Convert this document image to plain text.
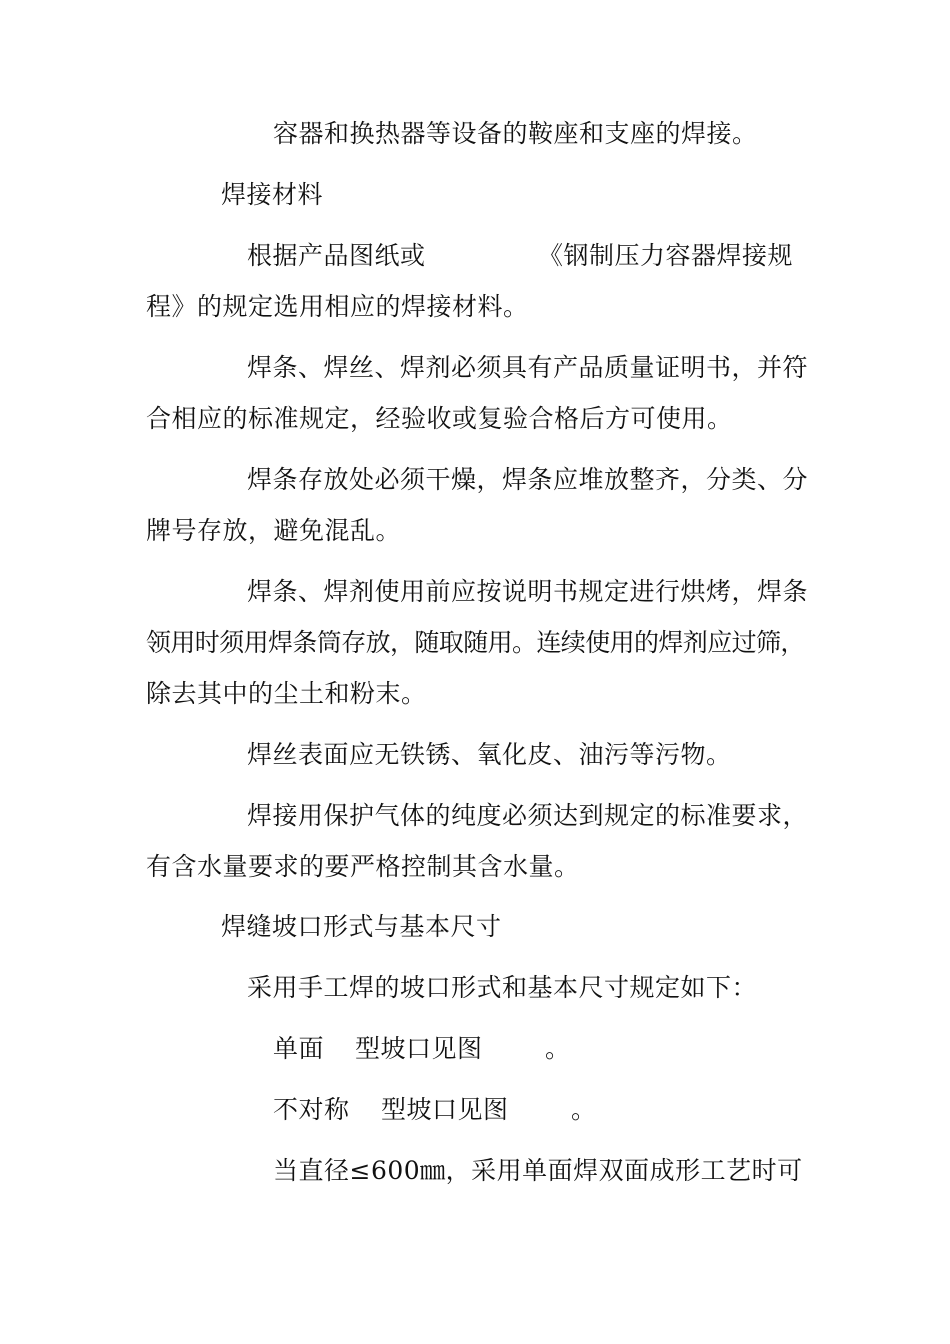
容器和换热器等设备的鞍座和支座的焊接。
焊接材料
根据产品图纸或	《钢制压力容器焊接规
程》的规定选用相应的焊接材料。
焊条、焊丝、焊剂必须具有产品质量证明书，并符
合相应的标准规定，经验收或复验合格后方可使用。
焊条存放处必须干燥，焊条应堆放整齐，分类、分
牌号存放，避免混乱。
焊条、焊剂使用前应按说明书规定进行烘烤，焊条
领用时须用焊条筒存放，随取随用。连续使用的焊剂应过筛，
除去其中的尘土和粉末。
焊丝表面应无铁锈、氧化皮、油污等污物。
焊接用保护气体的纯度必须达到规定的标准要求，
有含水量要求的要严格控制其含水量。
焊缝坡口形式与基本尺寸
采用手工焊的坡口形式和基本尺寸规定如下：
单面 型坡口见图 。
不对称 型坡口见图 。
当直径≤600㎜，采用单面焊双面成形工艺时可
